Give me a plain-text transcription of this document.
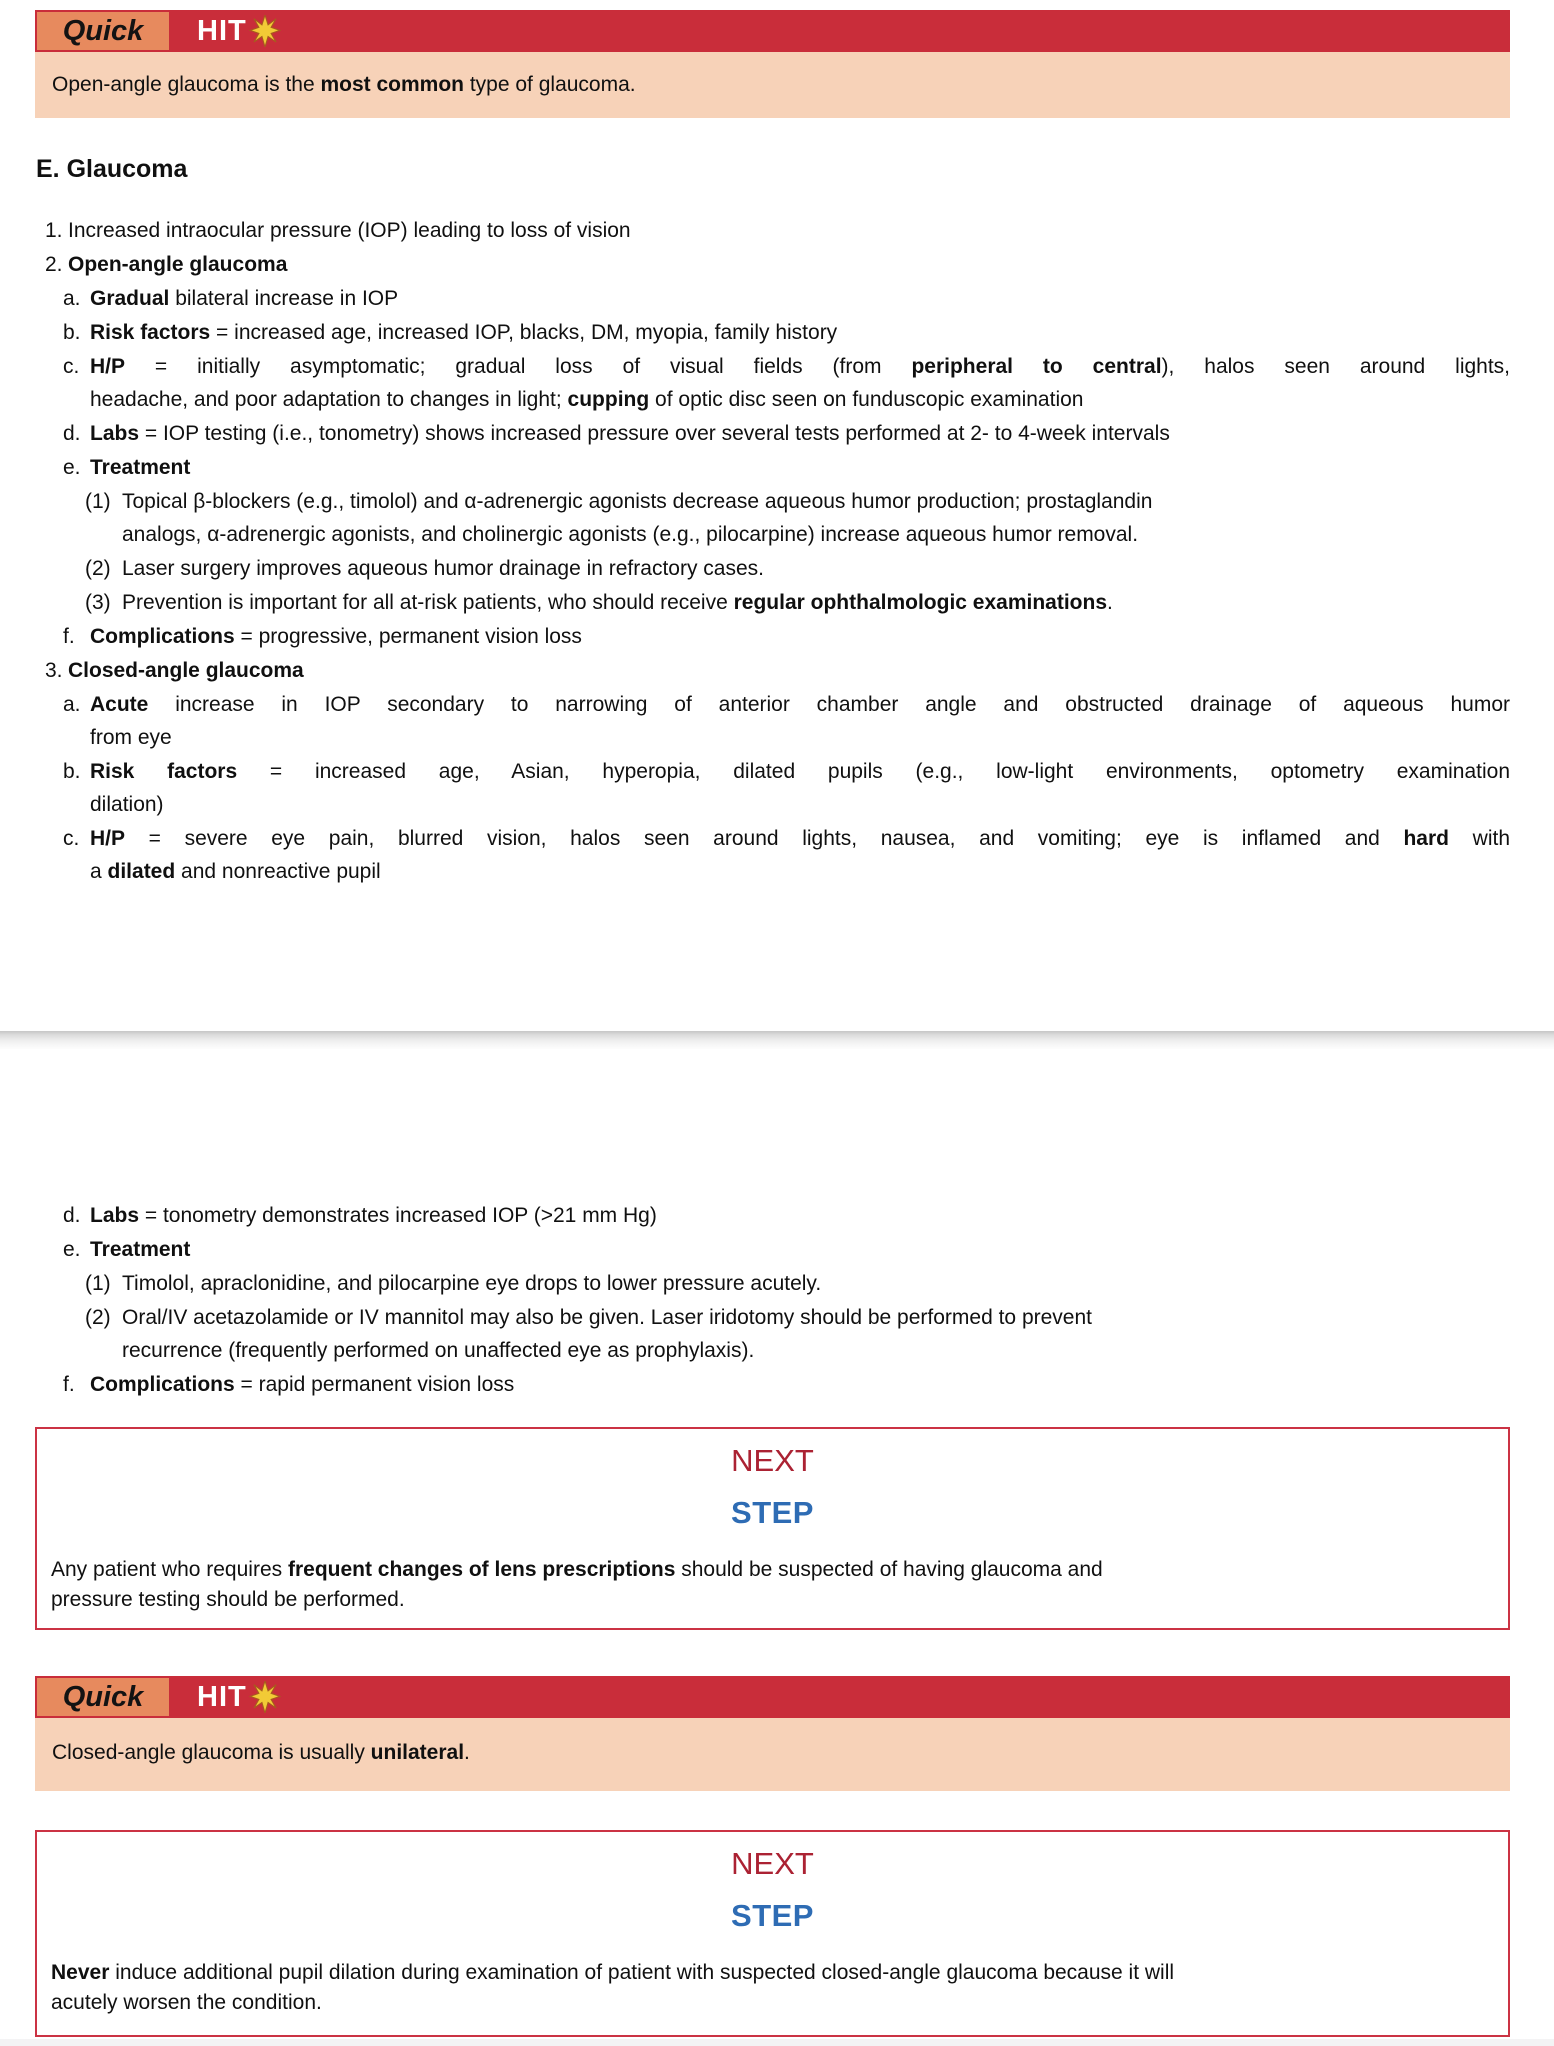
Quick	HIT
Open-angle glaucoma is the most common type of glaucoma.
E. Glaucoma
1. Increased intraocular pressure (IOP) leading to loss of vision
2. Open-angle glaucoma
a. Gradual bilateral increase in IOP
b. Risk factors = increased age, increased IOP, blacks, DM, myopia, family history
c. H/P = initially asymptomatic; gradual loss of visual fields (from peripheral to central), halos seen around lights,
headache, and poor adaptation to changes in light; cupping of optic disc seen on funduscopic examination
d. Labs = IOP testing (i.e., tonometry) shows increased pressure over several tests performed at 2- to 4-week intervals
e. Treatment
(1) Topical β-blockers (e.g., timolol) and α-adrenergic agonists decrease aqueous humor production; prostaglandin
analogs, α-adrenergic agonists, and cholinergic agonists (e.g., pilocarpine) increase aqueous humor removal.
(2) Laser surgery improves aqueous humor drainage in refractory cases.
(3) Prevention is important for all at-risk patients, who should receive regular ophthalmologic examinations.
f. Complications = progressive, permanent vision loss
3. Closed-angle glaucoma
a. Acute increase in IOP secondary to narrowing of anterior chamber angle and obstructed drainage of aqueous humor
from eye
b. Risk factors = increased age, Asian, hyperopia, dilated pupils (e.g., low-light environments, optometry examination
dilation)
c. H/P = severe eye pain, blurred vision, halos seen around lights, nausea, and vomiting; eye is inflamed and hard with
a dilated and nonreactive pupil
d. Labs = tonometry demonstrates increased IOP (>21 mm Hg)
e. Treatment
(1) Timolol, apraclonidine, and pilocarpine eye drops to lower pressure acutely.
(2) Oral/IV acetazolamide or IV mannitol may also be given. Laser iridotomy should be performed to prevent
recurrence (frequently performed on unaffected eye as prophylaxis).
f. Complications = rapid permanent vision loss
NEXT
STEP
Any patient who requires frequent changes of lens prescriptions should be suspected of having glaucoma and
pressure testing should be performed.
Quick	HIT
Closed-angle glaucoma is usually unilateral.
NEXT
STEP
Never induce additional pupil dilation during examination of patient with suspected closed-angle glaucoma because it will
acutely worsen the condition.
